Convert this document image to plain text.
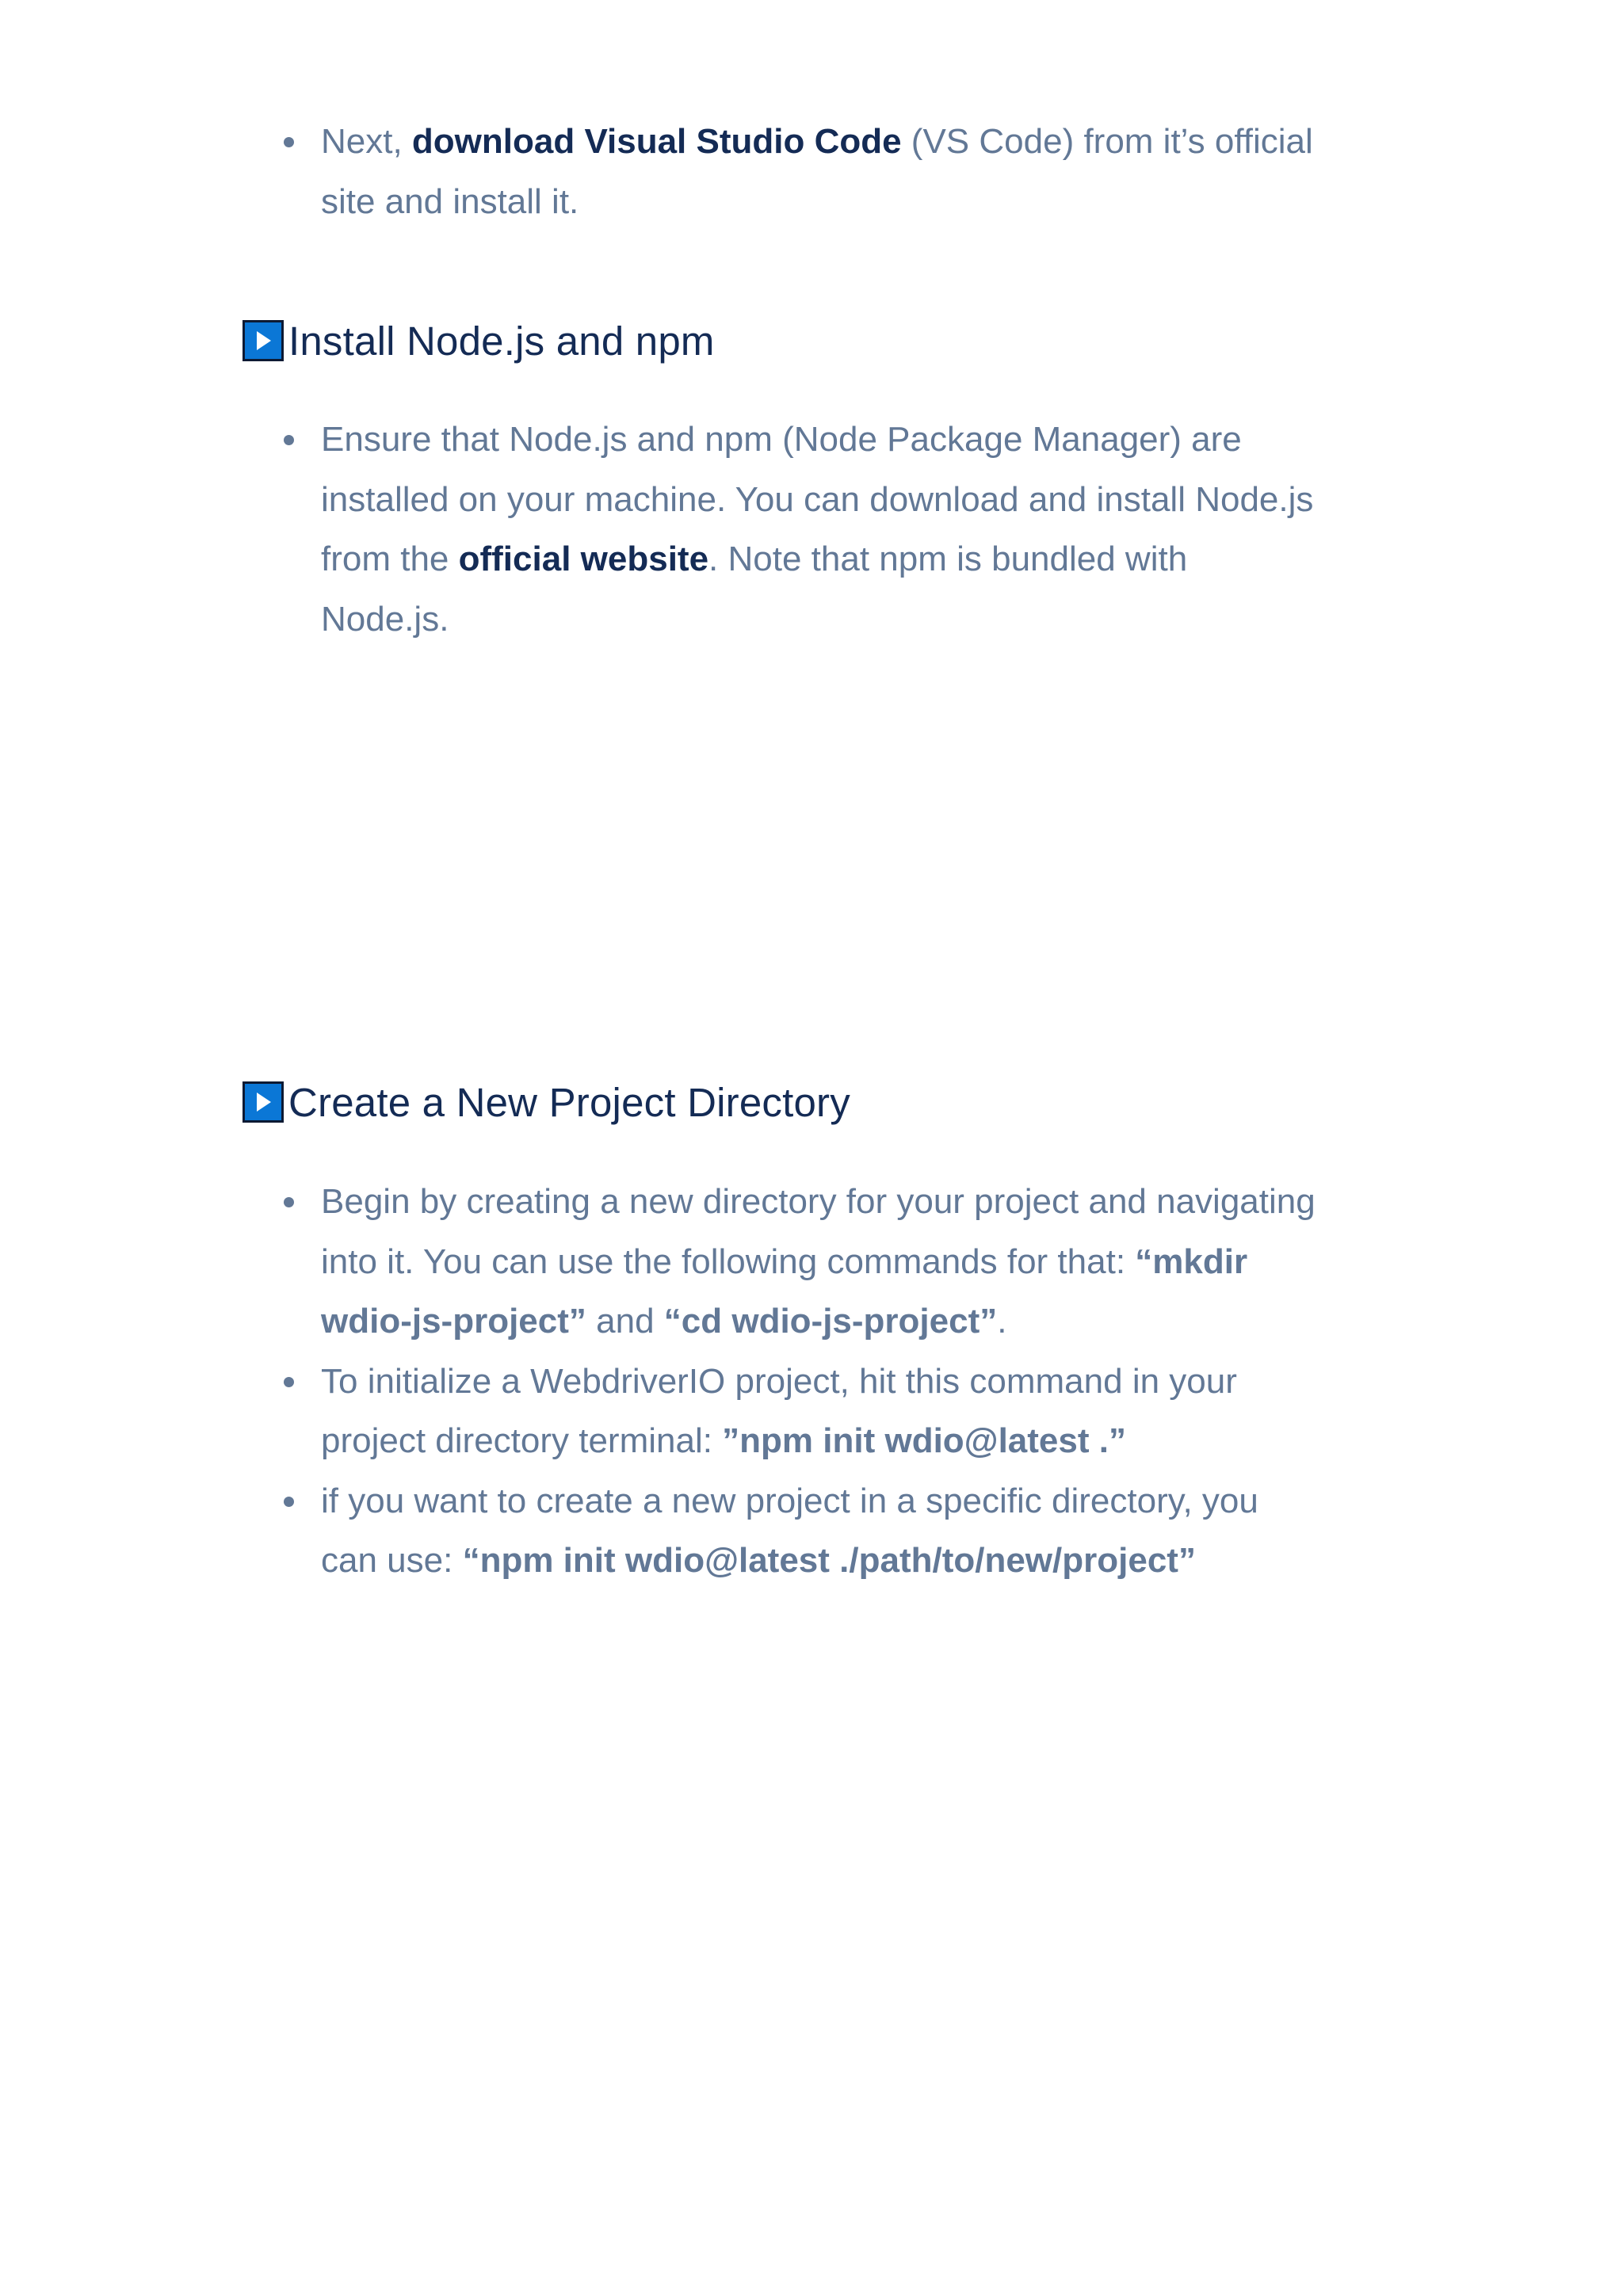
Next, download Visual Studio Code (VS Code) from it’s official
site and install it.
Install Node.js and npm
Ensure that Node.js and npm (Node Package Manager) are
installed on your machine. You can download and install Node.js
from the official website. Note that npm is bundled with
Node.js.
Create a New Project Directory
Begin by creating a new directory for your project and navigating
into it. You can use the following commands for that: “mkdir
wdio-js-project” and “cd wdio-js-project”.
To initialize a WebdriverIO project, hit this command in your
project directory terminal: ”npm init wdio@latest .”
if you want to create a new project in a specific directory, you
can use: “npm init wdio@latest ./path/to/new/project”
